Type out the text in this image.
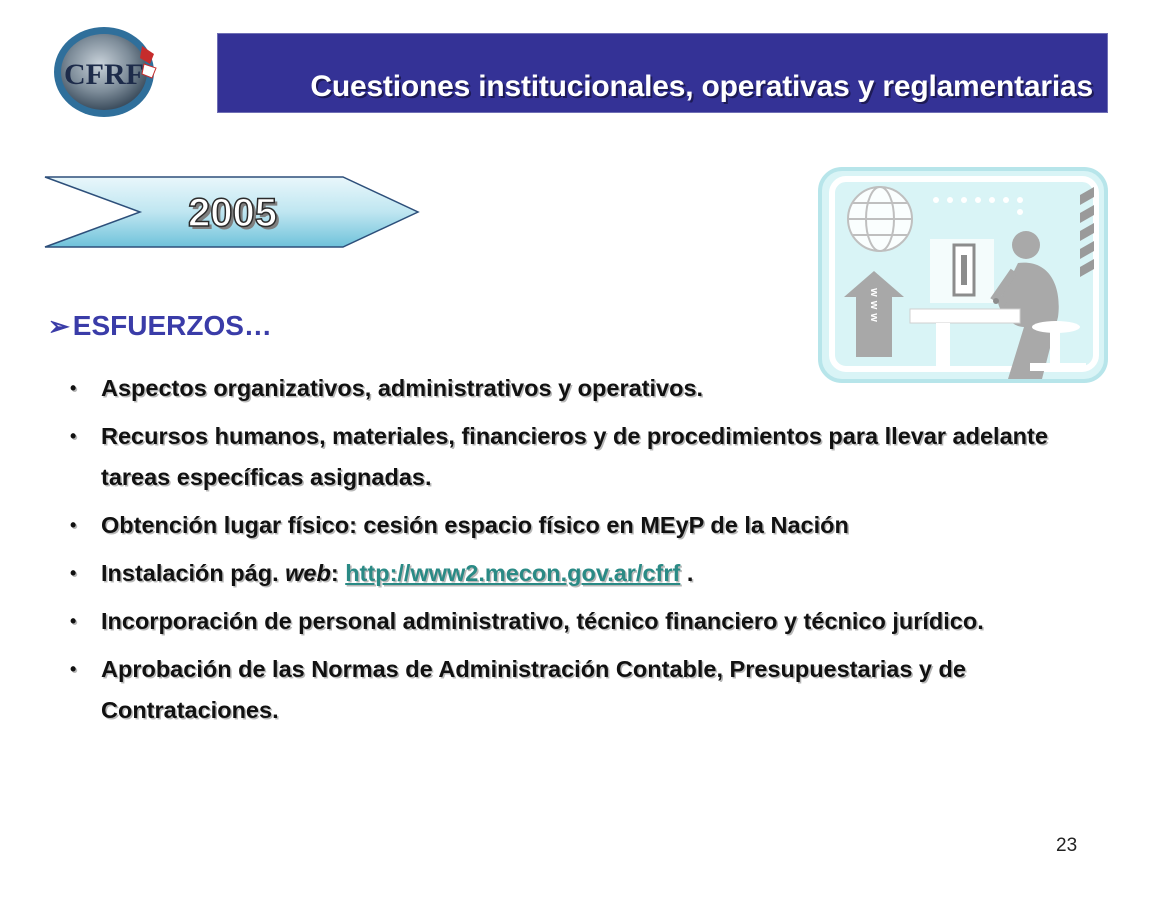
CFRF	Cuestiones institucionales, operativas y reglamentarias
2005
www
➢ ESFUERZOS…
• Aspectos organizativos, administrativos y operativos.
• Recursos humanos, materiales, financieros y de procedimientos para llevar adelante tareas específicas asignadas.
• Obtención lugar físico: cesión espacio físico en MEyP de la Nación
• Instalación pág. web: http://www2.mecon.gov.ar/cfrf .
• Incorporación de personal administrativo, técnico financiero y técnico jurídico.
• Aprobación de las Normas de Administración Contable, Presupuestarias y de Contrataciones.
23
